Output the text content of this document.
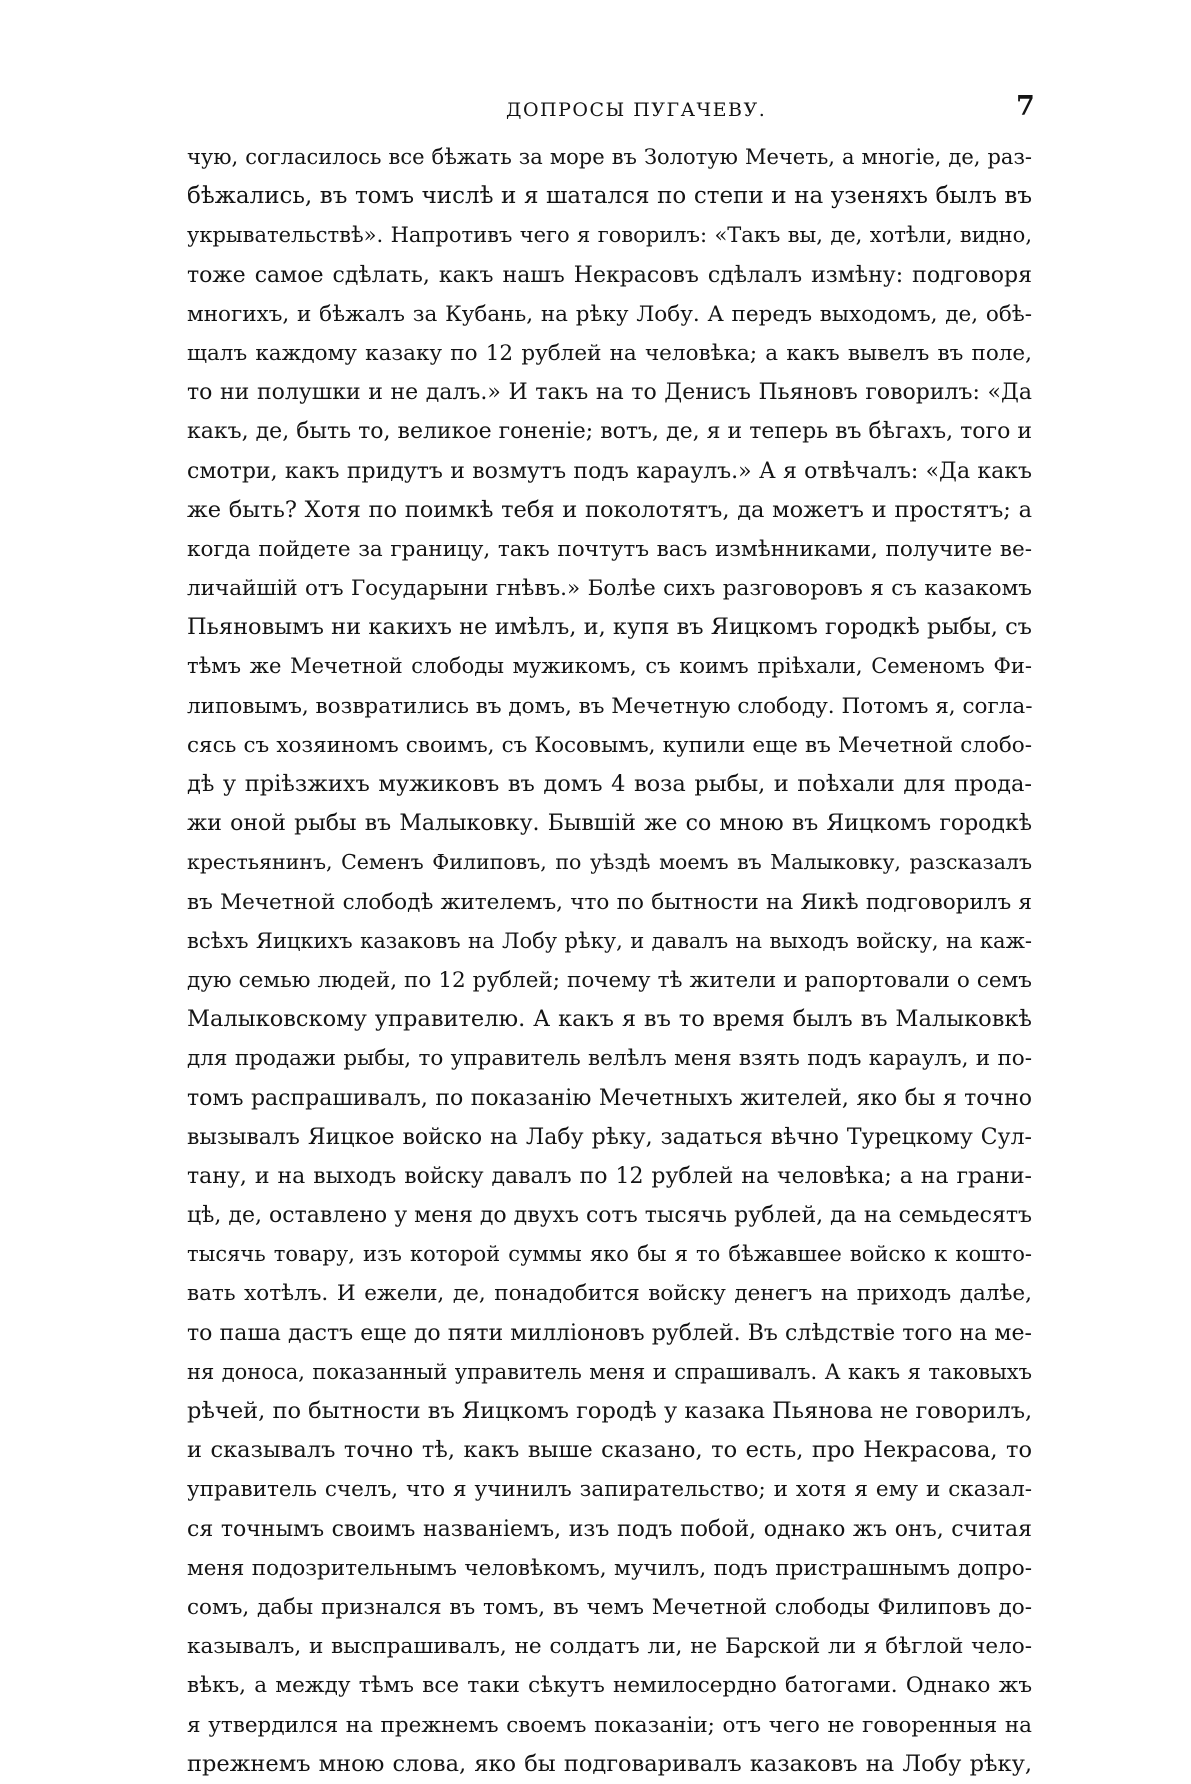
ДОПРОСЫ ПУГАЧЕВУ.	7
чую, согласилось все бѣжать за море въ Золотую Мечеть, а многіе, де, раз-
бѣжались, въ томъ числѣ и я шатался по степи и на узеняхъ былъ въ
укрывательствѣ». Напротивъ чего я говорилъ: «Такъ вы, де, хотѣли, видно,
тоже самое сдѣлать, какъ нашъ Некрасовъ сдѣлалъ измѣну: подговоря
многихъ, и бѣжалъ за Кубань, на рѣку Лобу. А передъ выходомъ, де, обѣ-
щалъ каждому казаку по 12 рублей на человѣка; а какъ вывелъ въ поле,
то ни полушки и не далъ.» И такъ на то Денисъ Пьяновъ говорилъ: «Да
какъ, де, быть то, великое гоненіе; вотъ, де, я и теперь въ бѣгахъ, того и
смотри, какъ придутъ и возмутъ подъ караулъ.» А я отвѣчалъ: «Да какъ
же быть? Хотя по поимкѣ тебя и поколотятъ, да можетъ и простятъ; а
когда пойдете за границу, такъ почтутъ васъ измѣнниками, получите ве-
личайшій отъ Государыни гнѣвъ.» Болѣе сихъ разговоровъ я съ казакомъ
Пьяновымъ ни какихъ не имѣлъ, и, купя въ Яицкомъ городкѣ рыбы, съ
тѣмъ же Мечетной слободы мужикомъ, съ коимъ пріѣхали, Семеномъ Фи-
липовымъ, возвратились въ домъ, въ Мечетную слободу. Потомъ я, согла-
сясь съ хозяиномъ своимъ, съ Косовымъ, купили еще въ Мечетной слобо-
дѣ у пріѣзжихъ мужиковъ въ домъ 4 воза рыбы, и поѣхали для прода-
жи оной рыбы въ Малыковку. Бывшій же со мною въ Яицкомъ городкѣ
крестьянинъ, Семенъ Филиповъ, по уѣздѣ моемъ въ Малыковку, разсказалъ
въ Мечетной слободѣ жителемъ, что по бытности на Яикѣ подговорилъ я
всѣхъ Яицкихъ казаковъ на Лобу рѣку, и давалъ на выходъ войску, на каж-
дую семью людей, по 12 рублей; почему тѣ жители и рапортовали о семъ
Малыковскому управителю. А какъ я въ то время былъ въ Малыковкѣ
для продажи рыбы, то управитель велѣлъ меня взять подъ караулъ, и по-
томъ распрашивалъ, по показанію Мечетныхъ жителей, яко бы я точно
вызывалъ Яицкое войско на Лабу рѣку, задаться вѣчно Турецкому Сул-
тану, и на выходъ войску давалъ по 12 рублей на человѣка; а на грани-
цѣ, де, оставлено у меня до двухъ сотъ тысячь рублей, да на семьдесятъ
тысячь товару, изъ которой суммы яко бы я то бѣжавшее войско к кошто-
вать хотѣлъ. И ежели, де, понадобится войску денегъ на приходъ далѣе,
то паша дастъ еще до пяти милліоновъ рублей. Въ слѣдствіе того на ме-
ня доноса, показанный управитель меня и спрашивалъ. А какъ я таковыхъ
рѣчей, по бытности въ Яицкомъ городѣ у казака Пьянова не говорилъ,
и сказывалъ точно тѣ, какъ выше сказано, то есть, про Некрасова, то
управитель счелъ, что я учинилъ запирательство; и хотя я ему и сказал-
ся точнымъ своимъ названіемъ, изъ подъ побой, однако жъ онъ, считая
меня подозрительнымъ человѣкомъ, мучилъ, подъ пристрашнымъ допро-
сомъ, дабы признался въ томъ, въ чемъ Мечетной слободы Филиповъ до-
казывалъ, и выспрашивалъ, не солдатъ ли, не Барской ли я бѣглой чело-
вѣкъ, а между тѣмъ все таки сѣкутъ немилосердно батогами. Однако жъ
я утвердился на прежнемъ своемъ показаніи; отъ чего не говоренныя на
прежнемъ мною слова, яко бы подговаривалъ казаковъ на Лобу рѣку,
